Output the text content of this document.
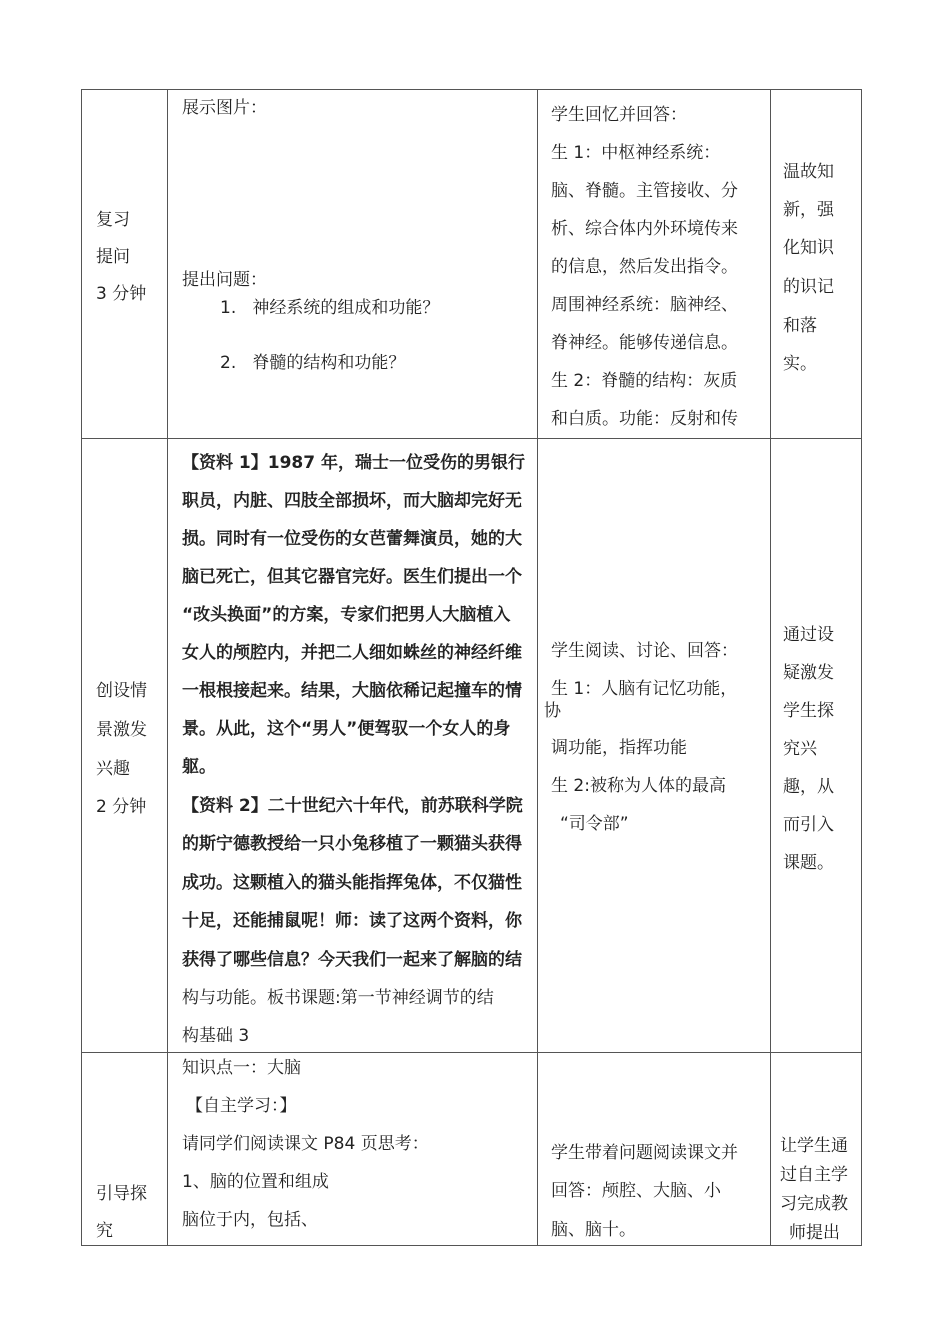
复习
提问
3 分钟
展示图片：
提出问题：
1.   神经系统的组成和功能？
2.   脊髓的结构和功能？
学生回忆并回答：
生 1：中枢神经系统：
脑、脊髓。主管接收、分
析、综合体内外环境传来
的信息，然后发出指令。
周围神经系统：脑神经、
脊神经。能够传递信息。
生 2：脊髓的结构：灰质
和白质。功能：反射和传
温故知
新，强
化知识
的识记
和落
实。
创设情
景激发
兴趣
2 分钟
【资料 1】1987 年，瑞士一位受伤的男银行
职员，内脏、四肢全部损坏，而大脑却完好无
损。同时有一位受伤的女芭蕾舞演员，她的大
脑已死亡，但其它器官完好。医生们提出一个
“改头换面”的方案，专家们把男人大脑植入
女人的颅腔内，并把二人细如蛛丝的神经纤维
一根根接起来。结果，大脑依稀记起撞车的情
景。从此，这个“男人”便驾驭一个女人的身
躯。
【资料 2】二十世纪六十年代，前苏联科学院
的斯宁德教授给一只小兔移植了一颗猫头获得
成功。这颗植入的猫头能指挥兔体，不仅猫性
十足，还能捕鼠呢！师：读了这两个资料，你
获得了哪些信息？今天我们一起来了解脑的结
构与功能。板书课题:第一节神经调节的结
构基础 3
学生阅读、讨论、回答：
生 1：人脑有记忆功能，
协
调功能，指挥功能
生 2:被称为人体的最高
“司令部”
通过设
疑激发
学生探
究兴
趣，从
而引入
课题。
引导探
究
知识点一：大脑
【自主学习：】
请同学们阅读课文 P84 页思考：
1、脑的位置和组成
脑位于内，包括、
学生带着问题阅读课文并
回答：颅腔、大脑、小
脑、脑十。
让学生通
过自主学
习完成教
师提出
